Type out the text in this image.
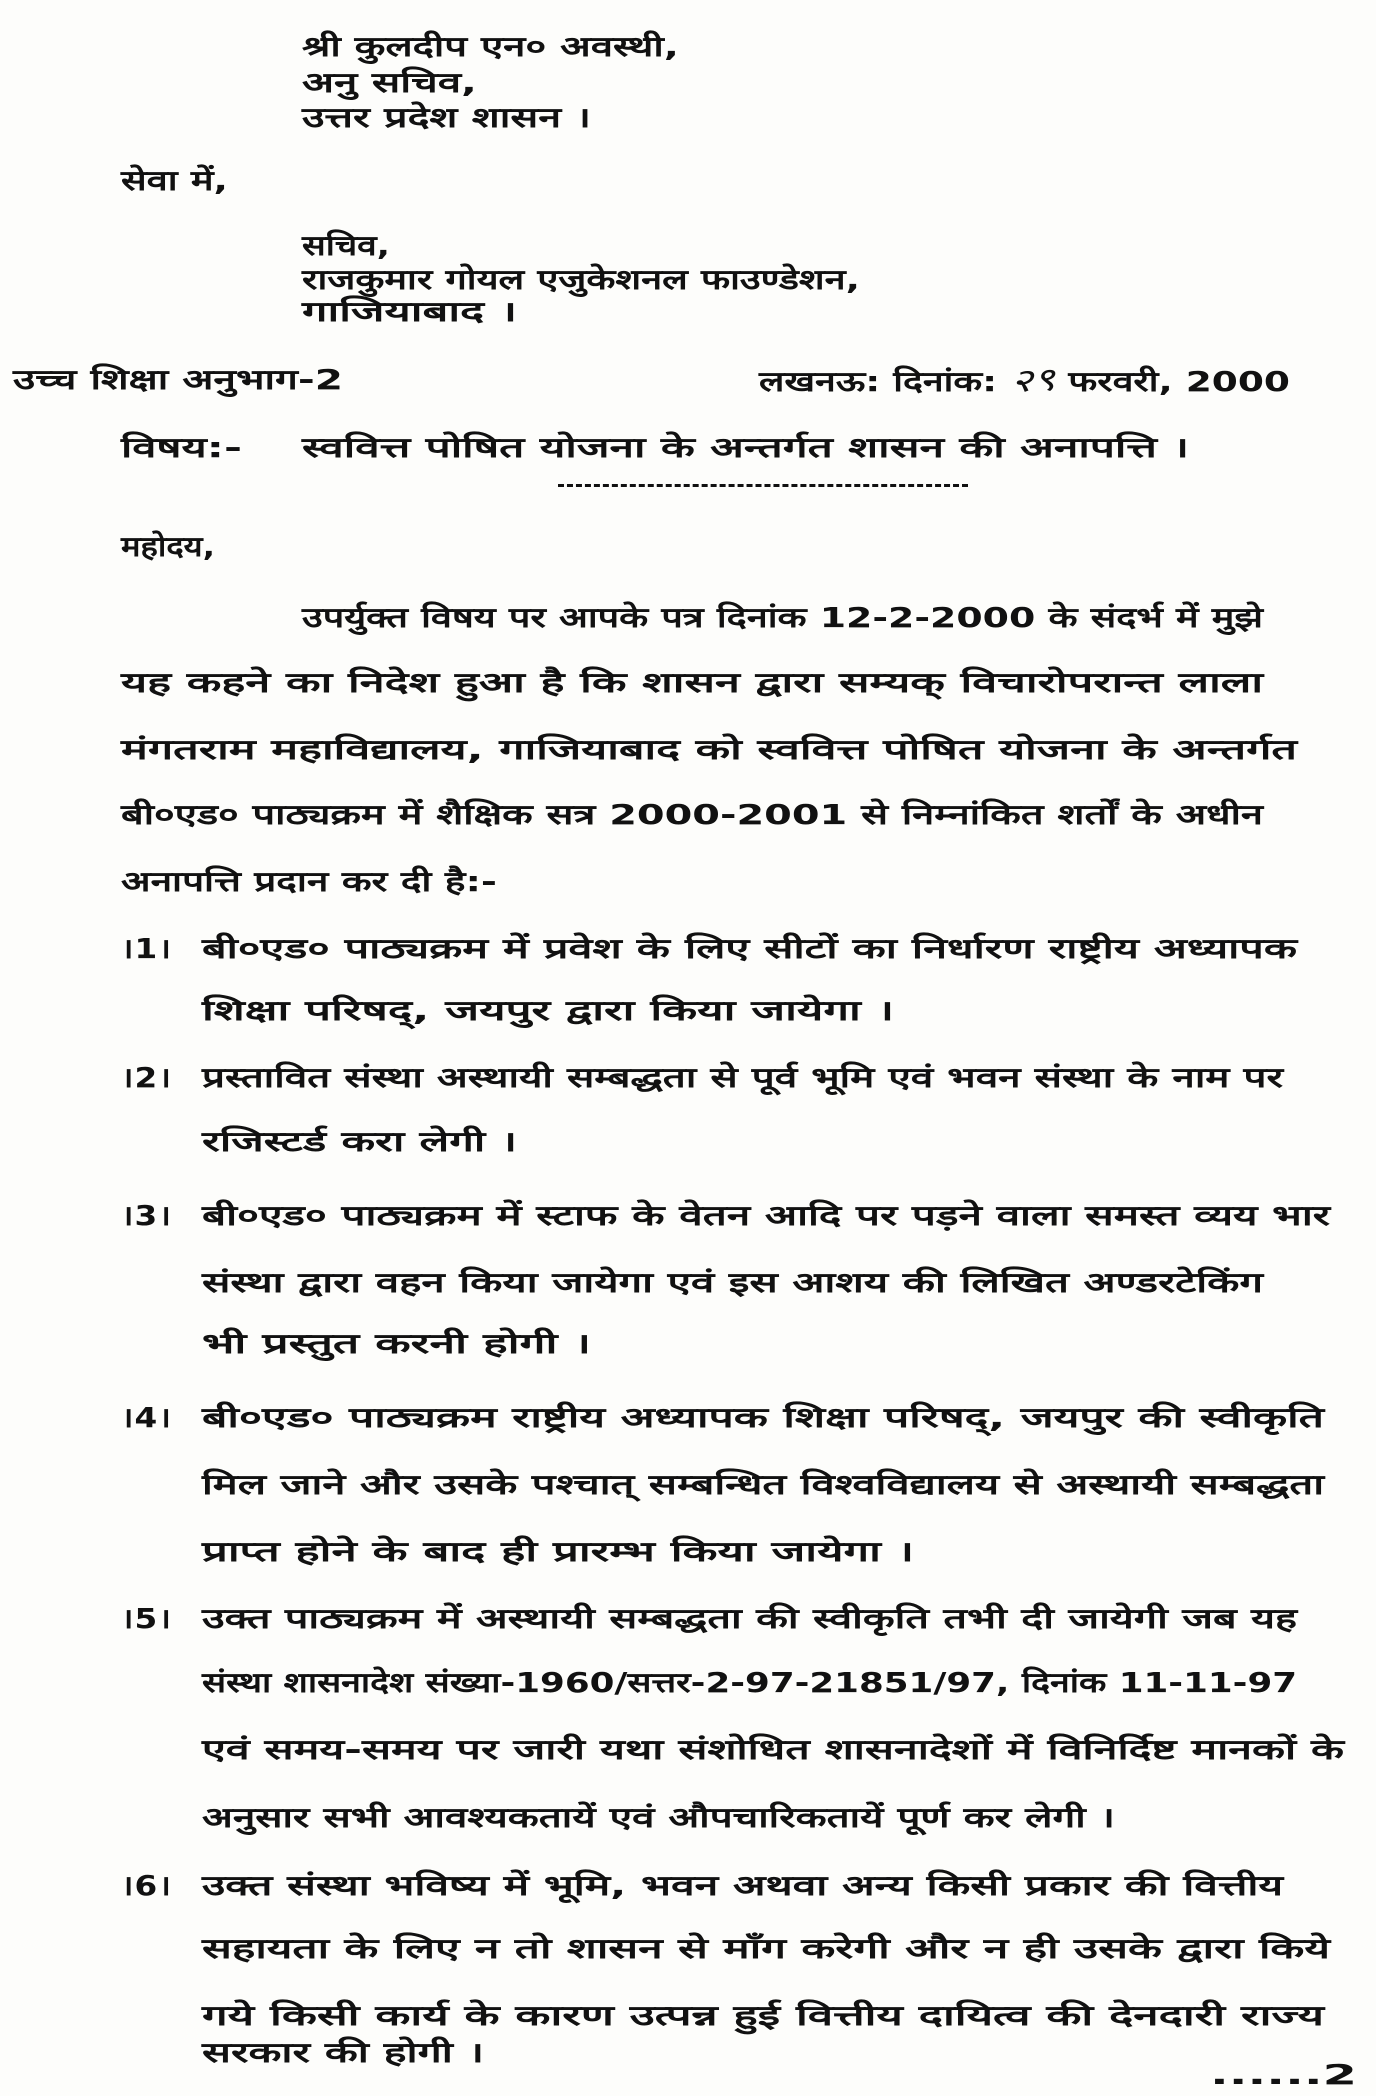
श्री कुलदीप एन० अवस्थी,
अनु सचिव,
उत्तर प्रदेश शासन ।
सेवा में,
सचिव,
राजकुमार गोयल एजुकेशनल फाउण्डेशन,
गाजियाबाद ।
उच्च शिक्षा अनुभाग-2	लखनऊ: दिनांक: २९ फरवरी, 2000
विषय:- स्ववित्त पोषित योजना के अन्तर्गत शासन की अनापत्ति ।
महोदय,
उपर्युक्त विषय पर आपके पत्र दिनांक 12-2-2000 के संदर्भ में मुझे
यह कहने का निदेश हुआ है कि शासन द्वारा सम्यक् विचारोपरान्त लाला
मंगतराम महाविद्यालय, गाजियाबाद को स्ववित्त पोषित योजना के अन्तर्गत
बी०एड० पाठ्यक्रम में शैक्षिक सत्र 2000-2001 से निम्नांकित शर्तों के अधीन
अनापत्ति प्रदान कर दी है:-
।1। बी०एड० पाठ्यक्रम में प्रवेश के लिए सीटों का निर्धारण राष्ट्रीय अध्यापक
शिक्षा परिषद्, जयपुर द्वारा किया जायेगा ।
।2। प्रस्तावित संस्था अस्थायी सम्बद्धता से पूर्व भूमि एवं भवन संस्था के नाम पर
रजिस्टर्ड करा लेगी ।
।3। बी०एड० पाठ्यक्रम में स्टाफ के वेतन आदि पर पड़ने वाला समस्त व्यय भार
संस्था द्वारा वहन किया जायेगा एवं इस आशय की लिखित अण्डरटेकिंग
भी प्रस्तुत करनी होगी ।
।4। बी०एड० पाठ्यक्रम राष्ट्रीय अध्यापक शिक्षा परिषद्, जयपुर की स्वीकृति
मिल जाने और उसके पश्चात् सम्बन्धित विश्वविद्यालय से अस्थायी सम्बद्धता
प्राप्त होने के बाद ही प्रारम्भ किया जायेगा ।
।5। उक्त पाठ्यक्रम में अस्थायी सम्बद्धता की स्वीकृति तभी दी जायेगी जब यह
संस्था शासनादेश संख्या-1960/सत्तर-2-97-21851/97, दिनांक 11-11-97
एवं समय-समय पर जारी यथा संशोधित शासनादेशों में विनिर्दिष्ट मानकों के
अनुसार सभी आवश्यकतायें एवं औपचारिकतायें पूर्ण कर लेगी ।
।6। उक्त संस्था भविष्य में भूमि, भवन अथवा अन्य किसी प्रकार की वित्तीय
सहायता के लिए न तो शासन से माँग करेगी और न ही उसके द्वारा किये
गये किसी कार्य के कारण उत्पन्न हुई वित्तीय दायित्व की देनदारी राज्य
सरकार की होगी ।
......2
